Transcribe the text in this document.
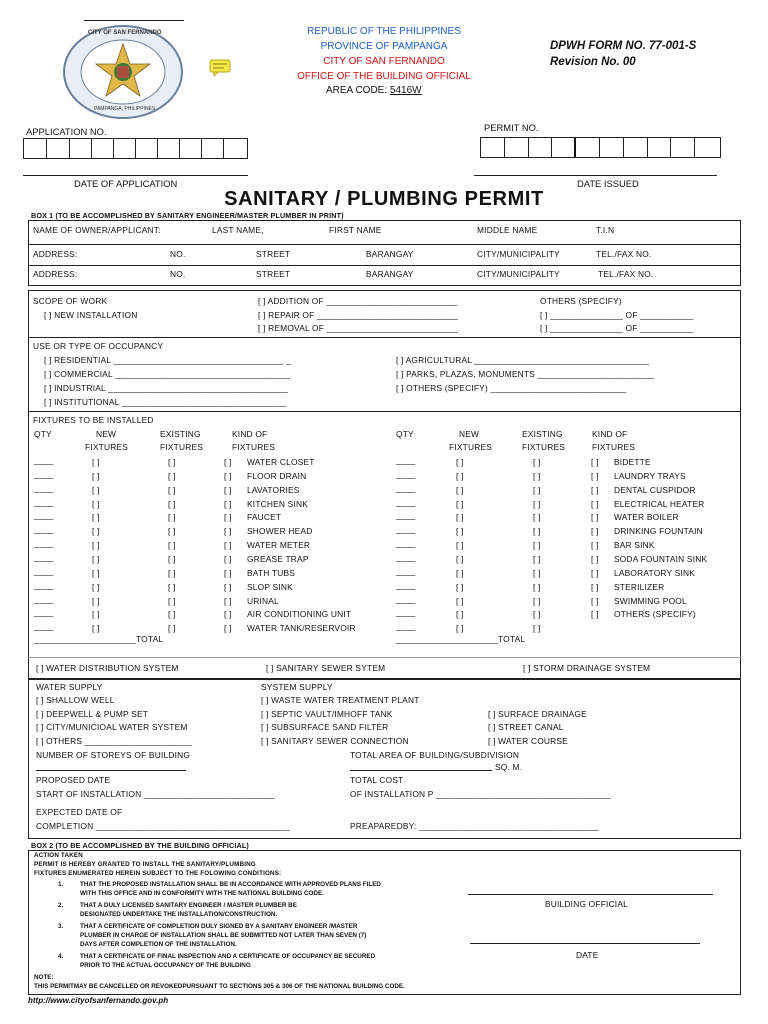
CITY OF SAN FERNANDO
PAMPANGA, PHILIPPINES
REPUBLIC OF THE PHILIPPINES
PROVINCE OF PAMPANGA
CITY OF SAN FERNANDO
OFFICE OF THE BUILDING OFFICIAL
AREA CODE: 5416W
DPWH FORM NO. 77-001-S
Revision No. 00
APPLICATION NO.	PERMIT NO.
DATE OF APPLICATION	DATE ISSUED
SANITARY / PLUMBING PERMIT
BOX 1 (TO BE ACCOMPLISHED BY SANITARY ENGINEER/MASTER PLUMBER IN PRINT)
NAME OF OWNER/APPLICANT:	LAST NAME,	FIRST NAME	MIDDLE NAME	T.I.N
ADDRESS:	NO.	STREET	BARANGAY	CITY/MUNICIPALITY	TEL./FAX NO.
ADDRESS:	NO.	STREET	BARANGAY	CITY/MUNICIPALITY	TEL./FAX NO.
SCOPE OF WORK
[ ] NEW INSTALLATION
[ ] ADDITION OF ___________________________
[ ] REPAIR OF _____________________________
[ ] REMOVAL OF ___________________________
OTHERS (SPECIFY)
[ ] _______________ OF ___________
[ ] _______________ OF ___________
USE OR TYPE OF OCCUPANCY
[ ] RESIDENTIAL ___________________________________ _
[ ] COMMERCIAL ____________________________________
[ ] INDUSTRIAL _____________________________________
[ ] INSTITUTIONAL __________________________________
[ ] AGRICULTURAL ____________________________________
[ ] PARKS, PLAZAS, MONUMENTS ________________________
[ ] OTHERS (SPECIFY) ____________________________
FIXTURES TO BE INSTALLED
QTY	NEW
FIXTURES
EXISTING
FIXTURES
KIND OF
FIXTURES
____	[ ]	[ ]	[ ] WATER CLOSET
____	[ ]	[ ]	[ ] FLOOR DRAIN
____	[ ]	[ ]	[ ] LAVATORIES
____	[ ]	[ ]	[ ] KITCHEN SINK
____	[ ]	[ ]	[ ] FAUCET
____	[ ]	[ ]	[ ] SHOWER HEAD
____	[ ]	[ ]	[ ] WATER METER
____	[ ]	[ ]	[ ] GREASE TRAP
____	[ ]	[ ]	[ ] BATH TUBS
____	[ ]	[ ]	[ ] SLOP SINK
____	[ ]	[ ]	[ ] URINAL
____	[ ]	[ ]	[ ] AIR CONDITIONING UNIT
____	[ ]	[ ]	[ ] WATER TANK/RESERVOIR
_____________________TOTAL
QTY	NEW
FIXTURES
EXISTING
FIXTURES
KIND OF
FIXTURES
____	[ ]	[ ]	[ ] BIDETTE
____	[ ]	[ ]	[ ] LAUNDRY TRAYS
____	[ ]	[ ]	[ ] DENTAL CUSPIDOR
____	[ ]	[ ]	[ ] ELECTRICAL HEATER
____	[ ]	[ ]	[ ] WATER BOILER
____	[ ]	[ ]	[ ] DRINKING FOUNTAIN
____	[ ]	[ ]	[ ] BAR SINK
____	[ ]	[ ]	[ ] SODA FOUNTAIN SINK
____	[ ]	[ ]	[ ] LABORATORY SINK
____	[ ]	[ ]	[ ] STERILIZER
____	[ ]	[ ]	[ ] SWIMMING POOL
____	[ ]	[ ]	[ ] OTHERS (SPECIFY)
____	[ ]	[ ]
_____________________TOTAL
[ ] WATER DISTRIBUTION SYSTEM	[ ] SANITARY SEWER SYTEM	[ ] STORM DRAINAGE SYSTEM
WATER SUPPLY
[ ] SHALLOW WELL
[ ] DEEPWELL & PUMP SET
[ ] CITY/MUNICIOAL WATER SYSTEM
[ ] OTHERS ______________________
SYSTEM SUPPLY
[ ] WASTE WATER TREATMENT PLANT
[ ] SEPTIC VAULT/IMHOFF TANK
[ ] SUBSURFACE SAND FILTER
[ ] SANITARY SEWER CONNECTION
[ ] SURFACE DRAINAGE
[ ] STREET CANAL
[ ] WATER COURSE
NUMBER OF STOREYS OF BUILDING	TOTAL AREA OF BUILDING/SUBDIVISION
SQ. M.
PROPOSED DATE
START OF INSTALLATION ___________________________
TOTAL COST
OF INSTALLATION P ____________________________________
EXPECTED DATE OF
COMPLETION ________________________________________	PREAPAREDBY: _____________________________________
BOX 2 (TO BE ACCOMPLISHED BY THE BUILDING OFFICIAL)
ACTION TAKEN
PERMIT IS HEREBY GRANTED TO INSTALL THE SANITARY/PLUMBING
FIXTURES ENUMERATED HEREIN SUBJECT TO THE FOLOWING CONDITIONS:
1.	THAT THE PROPOSED INSTALLATION SHALL BE IN ACCORDANCE WITH APPROVED PLANS FILED
WITH THIS OFFICE AND IN CONFORMITY WITH THE NATIONAL BUILDING CODE.
2.	THAT A DULY LICENSED SANITARY ENGINEER / MASTER PLUMBER BE
DESIGNATED UNDERTAKE THE INSTALLATION/CONSTRUCTION.
3.	THAT A CERTIFICATE OF COMPLETION DULY SIGNED BY A SANITARY ENGINEER /MASTER
PLUMBER IN CHARGE OF INSTALLATION SHALL BE SUBMITTED NOT LATER THAN SEVEN (7)
DAYS AFTER COMPLETION OF THE INSTALLATION.
4.	THAT A CERTIFICATE OF FINAL INSPECTION AND A CERTIFICATE OF OCCUPANCY BE SECURED
PRIOR TO THE ACTUAL OCCUPANCY OF THE BUILDING
NOTE:
THIS PERMITMAY BE CANCELLED OR REVOKEDPURSUANT TO SECTIONS 305 & 306 OF THE NATIONAL BUILDING CODE.
BUILDING OFFICIAL
DATE
http://www.cityofsanfernando.gov.ph
